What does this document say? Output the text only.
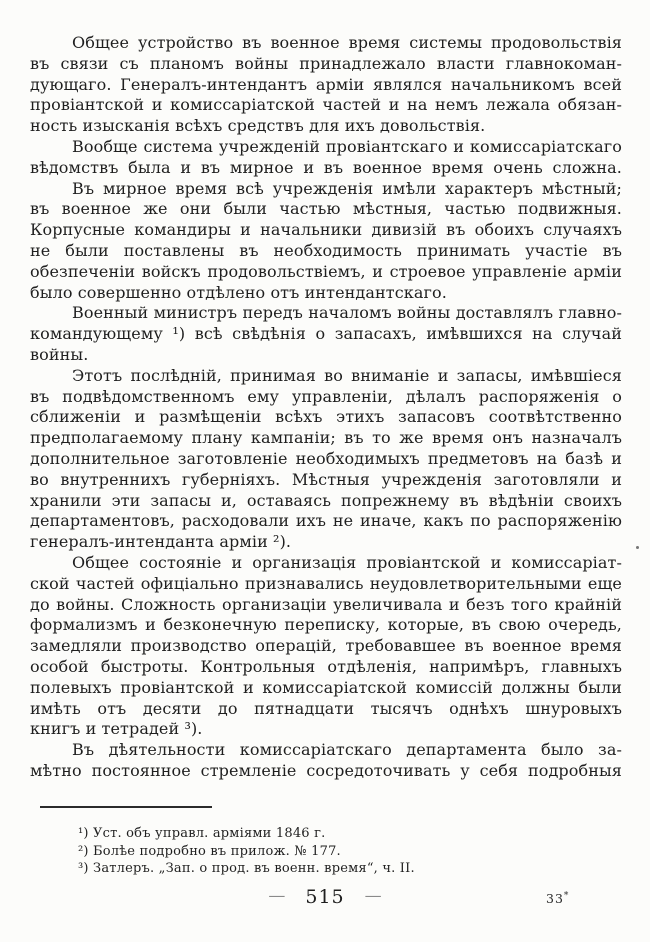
Общее устройство въ военное время системы продовольствія
въ связи съ планомъ войны принадлежало власти главнокоман-
дующаго. Генералъ-интендантъ арміи являлся начальникомъ всей
провіантской и комиссаріатской частей и на немъ лежала обязан-
ность изысканія всѣхъ средствъ для ихъ довольствія.
Вообще система учрежденій провіантскаго и комиссаріатскаго
вѣдомствъ была и въ мирное и въ военное время очень сложна.
Въ мирное время всѣ учрежденія имѣли характеръ мѣстный;
въ военное же они были частью мѣстныя, частью подвижныя.
Корпусные командиры и начальники дивизій въ обоихъ случаяхъ
не были поставлены въ необходимость принимать участіе въ
обезпеченіи войскъ продовольствіемъ, и строевое управленіе арміи
было совершенно отдѣлено отъ интендантскаго.
Военный министръ передъ началомъ войны доставлялъ главно-
командующему ¹) всѣ свѣдѣнія о запасахъ, имѣвшихся на случай
войны.
Этотъ послѣдній, принимая во вниманіе и запасы, имѣвшіеся
въ подвѣдомственномъ ему управленіи, дѣлалъ распоряженія о
сближеніи и размѣщеніи всѣхъ этихъ запасовъ соотвѣтственно
предполагаемому плану кампаніи; въ то же время онъ назначалъ
дополнительное заготовленіе необходимыхъ предметовъ на базѣ и
во внутреннихъ губерніяхъ. Мѣстныя учрежденія заготовляли и
хранили эти запасы и, оставаясь попрежнему въ вѣдѣніи своихъ
департаментовъ, расходовали ихъ не иначе, какъ по распоряженію
генералъ-интенданта арміи ²).
Общее состояніе и организація провіантской и комиссаріат-
ской частей офиціально признавались неудовлетворительными еще
до войны. Сложность организаціи увеличивала и безъ того крайній
формализмъ и безконечную переписку, которые, въ свою очередь,
замедляли производство операцій, требовавшее въ военное время
особой быстроты. Контрольныя отдѣленія, напримѣръ, главныхъ
полевыхъ провіантской и комиссаріатской комиссій должны были
имѣть отъ десяти до пятнадцати тысячъ однѣхъ шнуровыхъ
книгъ и тетрадей ³).
Въ дѣятельности комиссаріатскаго департамента было за-
мѣтно постоянное стремленіе сосредоточивать у себя подробныя
¹) Уст. объ управл. арміями 1846 г.
²) Болѣе подробно въ прилож. № 177.
³) Затлеръ. „Зап. о прод. въ военн. время“, ч. II.
— 515 —	33*
